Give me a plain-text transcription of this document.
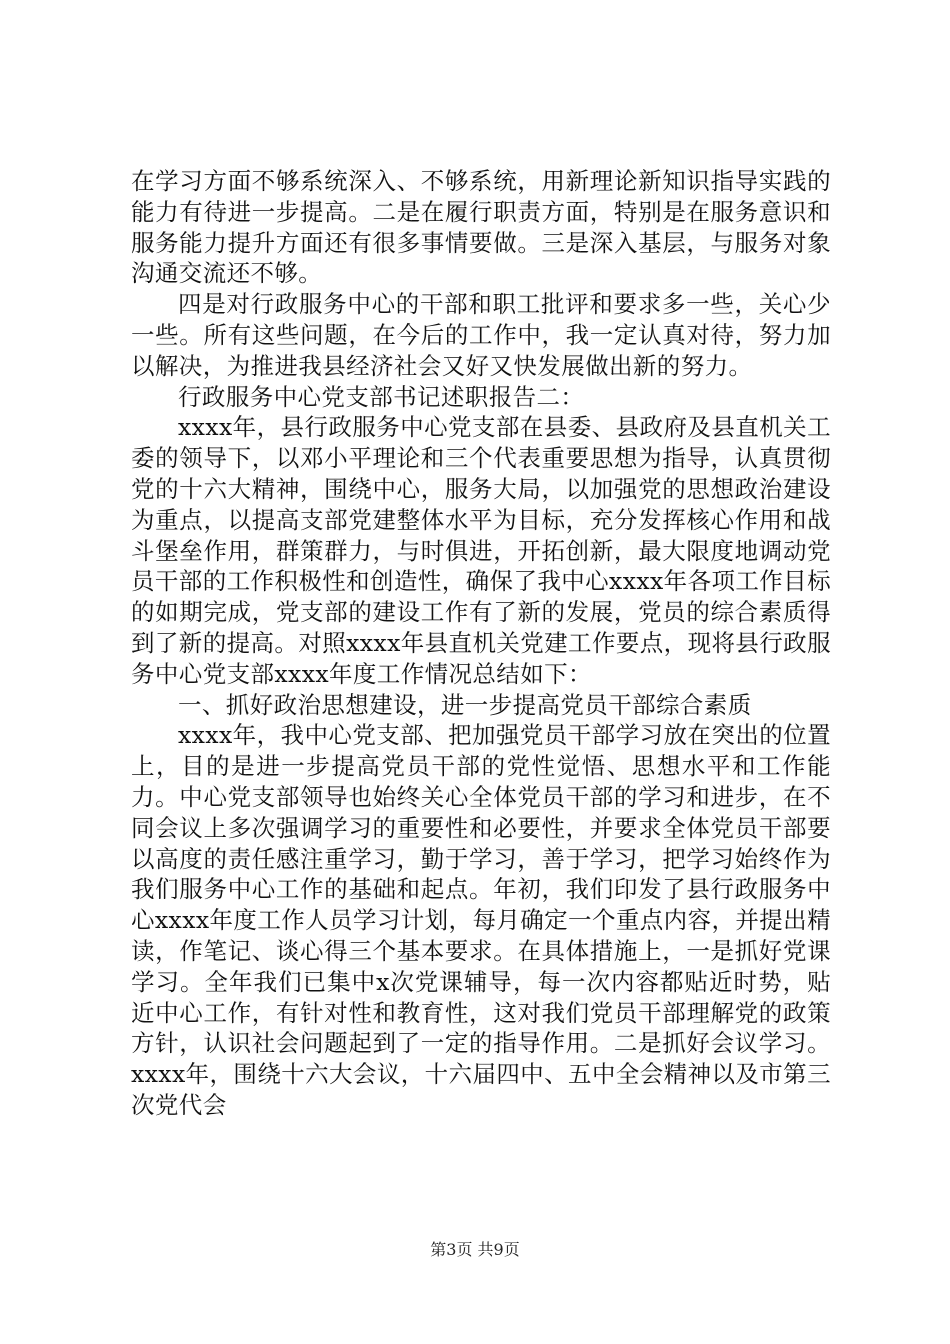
在学习方面不够系统深入、不够系统，用新理论新知识指导实践的能力有待进一步提高。二是在履行职责方面，特别是在服务意识和服务能力提升方面还有很多事情要做。三是深入基层，与服务对象沟通交流还不够。

四是对行政服务中心的干部和职工批评和要求多一些，关心少一些。所有这些问题，在今后的工作中，我一定认真对待，努力加以解决，为推进我县经济社会又好又快发展做出新的努力。

行政服务中心党支部书记述职报告二：

xxxx年，县行政服务中心党支部在县委、县政府及县直机关工委的领导下，以邓小平理论和三个代表重要思想为指导，认真贯彻党的十六大精神，围绕中心，服务大局，以加强党的思想政治建设为重点，以提高支部党建整体水平为目标，充分发挥核心作用和战斗堡垒作用，群策群力，与时俱进，开拓创新，最大限度地调动党员干部的工作积极性和创造性，确保了我中心xxxx年各项工作目标的如期完成，党支部的建设工作有了新的发展，党员的综合素质得到了新的提高。对照xxxx年县直机关党建工作要点，现将县行政服务中心党支部xxxx年度工作情况总结如下：

一、抓好政治思想建设，进一步提高党员干部综合素质

xxxx年，我中心党支部、把加强党员干部学习放在突出的位置上，目的是进一步提高党员干部的党性觉悟、思想水平和工作能力。中心党支部领导也始终关心全体党员干部的学习和进步，在不同会议上多次强调学习的重要性和必要性，并要求全体党员干部要以高度的责任感注重学习，勤于学习，善于学习，把学习始终作为我们服务中心工作的基础和起点。年初，我们印发了县行政服务中心xxxx年度工作人员学习计划，每月确定一个重点内容，并提出精读，作笔记、谈心得三个基本要求。在具体措施上，一是抓好党课学习。全年我们已集中x次党课辅导，每一次内容都贴近时势，贴近中心工作，有针对性和教育性，这对我们党员干部理解党的政策方针，认识社会问题起到了一定的指导作用。二是抓好会议学习。xxxx年，围绕十六大会议，十六届四中、五中全会精神以及市第三次党代会

第3页 共9页
